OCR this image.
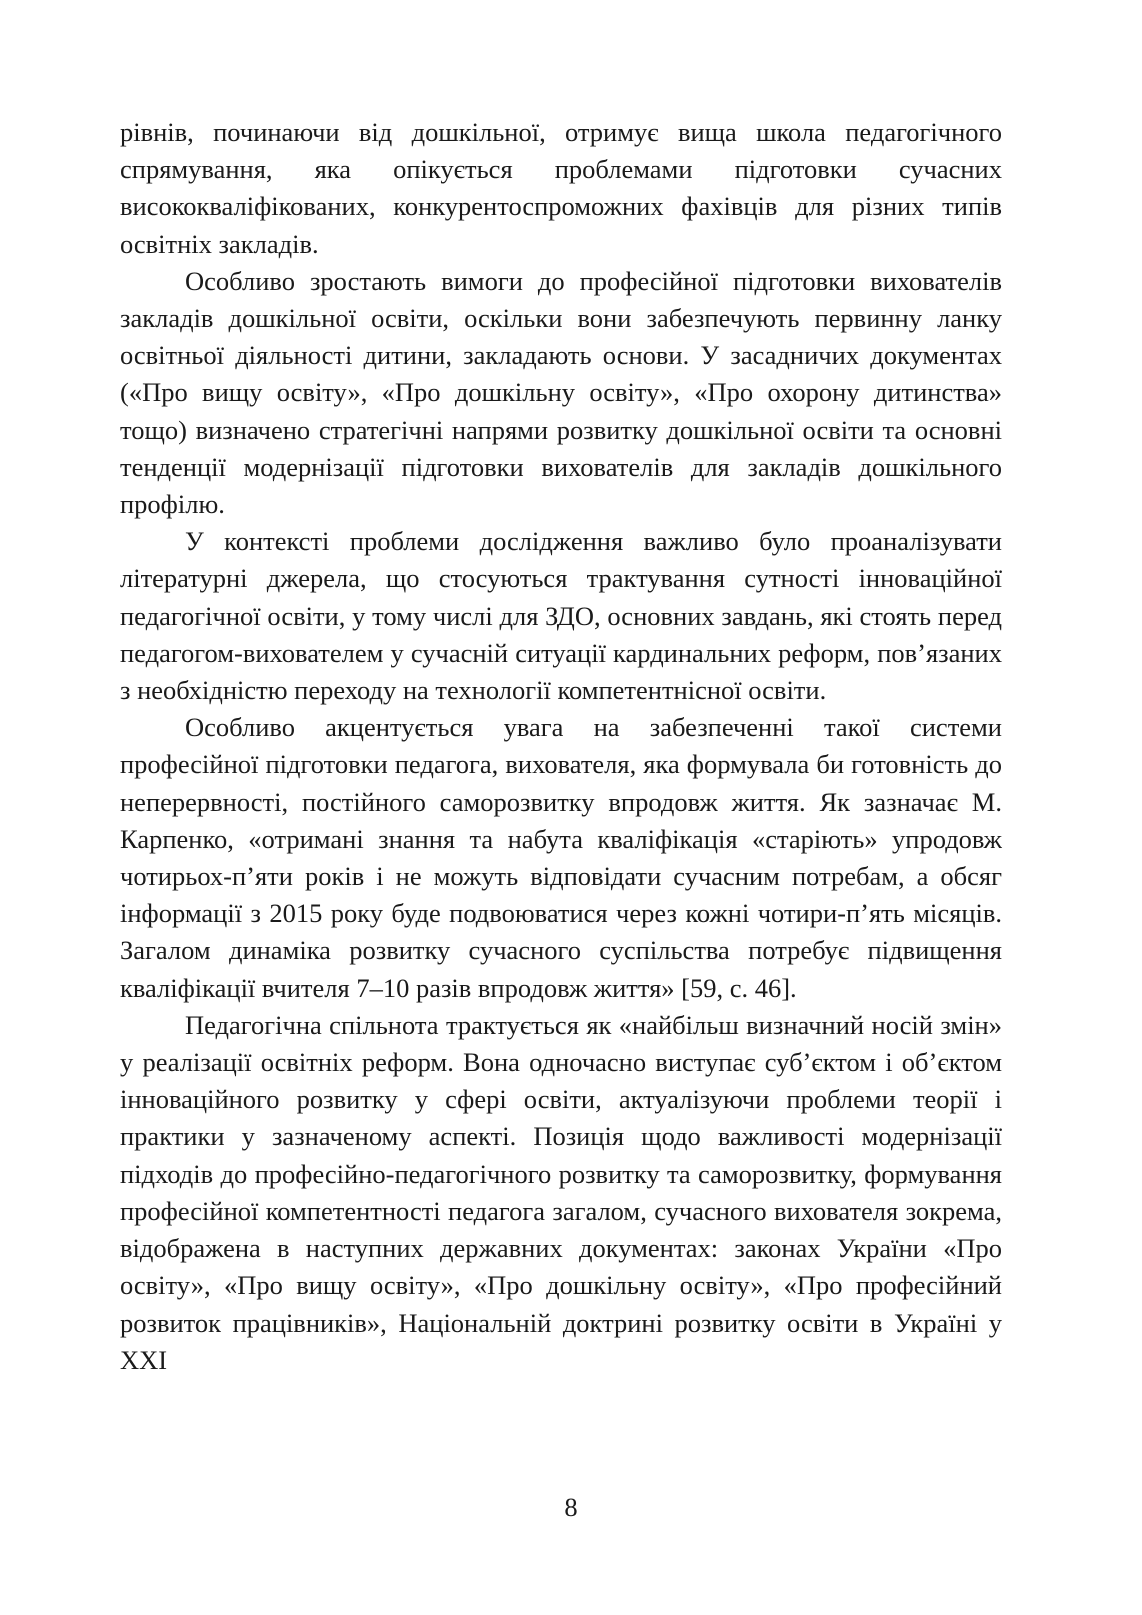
рівнів, починаючи від дошкільної, отримує вища школа педагогічного спрямування, яка опікується проблемами підготовки сучасних висококваліфікованих, конкурентоспроможних фахівців для різних типів освітніх закладів.

Особливо зростають вимоги до професійної підготовки вихователів закладів дошкільної освіти, оскільки вони забезпечують первинну ланку освітньої діяльності дитини, закладають основи. У засадничих документах («Про вищу освіту», «Про дошкільну освіту», «Про охорону дитинства» тощо) визначено стратегічні напрями розвитку дошкільної освіти та основні тенденції модернізації підготовки вихователів для закладів дошкільного профілю.

У контексті проблеми дослідження важливо було проаналізувати літературні джерела, що стосуються трактування сутності інноваційної педагогічної освіти, у тому числі для ЗДО, основних завдань, які стоять перед педагогом-вихователем у сучасній ситуації кардинальних реформ, пов’язаних з необхідністю переходу на технології компетентнісної освіти.

Особливо акцентується увага на забезпеченні такої системи професійної підготовки педагога, вихователя, яка формувала би готовність до неперервності, постійного саморозвитку впродовж життя. Як зазначає М. Карпенко, «отримані знання та набута кваліфікація «старіють» упродовж чотирьох-п’яти років і не можуть відповідати сучасним потребам, а обсяг інформації з 2015 року буде подвоюватися через кожні чотири-п’ять місяців. Загалом динаміка розвитку сучасного суспільства потребує підвищення кваліфікації вчителя 7–10 разів впродовж життя» [59, с. 46].

Педагогічна спільнота трактується як «найбільш визначний носій змін» у реалізації освітніх реформ. Вона одночасно виступає суб’єктом і об’єктом інноваційного розвитку у сфері освіти, актуалізуючи проблеми теорії і практики у зазначеному аспекті. Позиція щодо важливості модернізації підходів до професійно-педагогічного розвитку та саморозвитку, формування професійної компетентності педагога загалом, сучасного вихователя зокрема, відображена в наступних державних документах: законах України «Про освіту», «Про вищу освіту», «Про дошкільну освіту», «Про професійний розвиток працівників», Національній доктрині розвитку освіти в Україні у ХХІ

8
